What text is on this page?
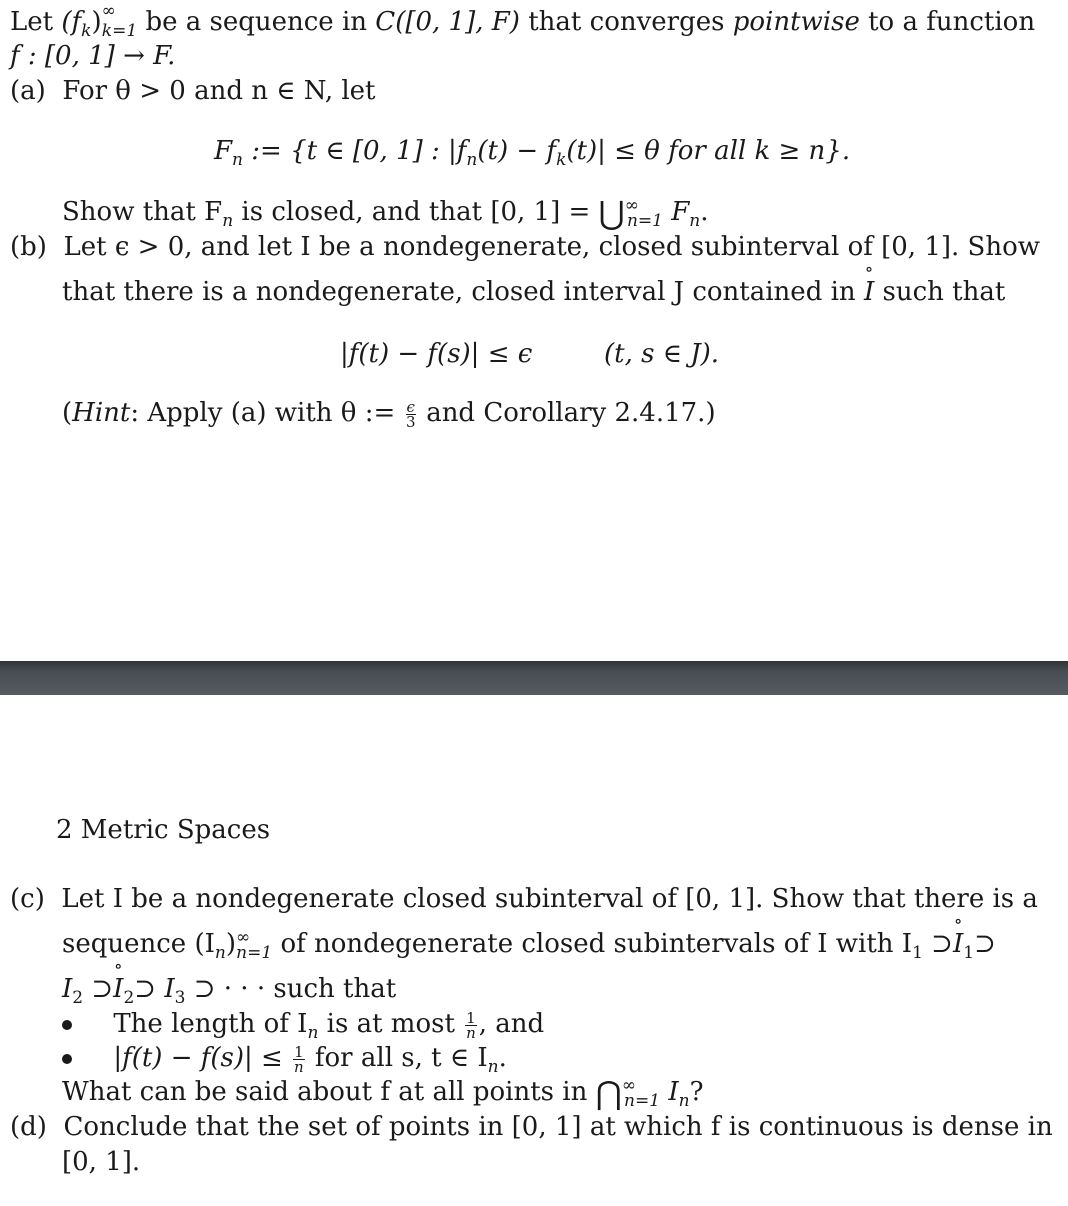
Let $(f_k)^\infty_{k=1}$ be a sequence in C([0, 1], F) that converges pointwise to a function
f : [0, 1] → F.
(a) For θ > 0 and n ∈ N, let
$F_n$ := {t ∈ [0, 1] : $|f_n(t) - f_k(t)| \le \theta$ for all k ≥ n}.
Show that $F_n$ is closed, and that [0, $1] = ⋃^\infty_{n=1}$ $F_n$.
(b) Let ϵ > 0, and let I be a nondegenerate, closed subinterval of [0, 1]. Show
that there is a nondegenerate, closed interval J contained in ∘ I such that
|f(t) − f(s)| ≤ ϵ	(t, s ∈ J).
(Hint: Apply (a) with θ := $\frac{\epsilon}{3}$ and Corollary 2.4.17.)
2 Metric Spaces
(c) Let I be a nondegenerate closed subinterval of [0, 1]. Show that there is a
sequence $(I_n)^\infty_{n=1}$ of nondegenerate closed subintervals of I with $I_1$ ⊃∘ $I_1⊃$
$I_2$ ⊃∘ $I_2⊃$ $I_3$ ⊃ · · · such that
The length of $I_n$ is at most $\frac{1}{n}$ , and
$|f(t) - f(s)| \le \frac{1}{n}$ for all s, t ∈ $I_n$.
What can be said about f at all points in $⋂^\infty_{n=1}$ $I_n$?
(d) Conclude that the set of points in [0, 1] at which f is continuous is dense in
[0, 1].
